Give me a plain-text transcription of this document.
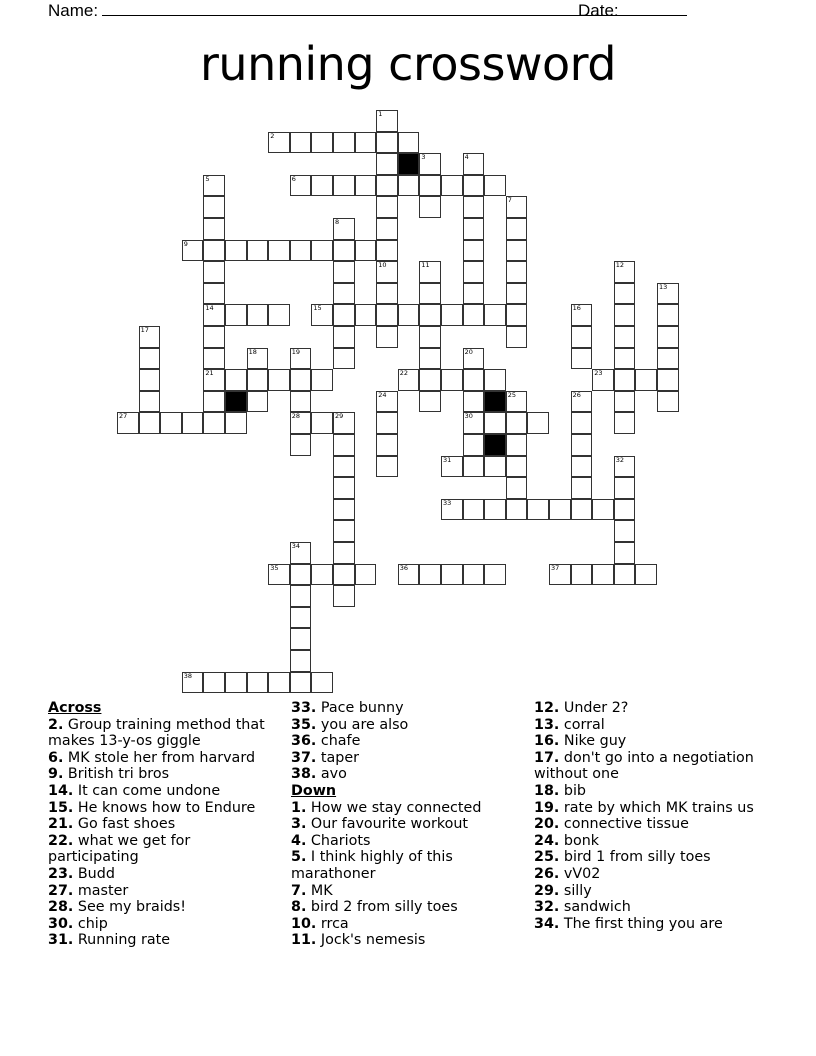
Name:	Date:
running crossword
1
2
3	4
5
14
21
6
7
8
9
10	11	12
13
15	16
17
18	19
28
20
30
22	23
24	25	26
27	29
31	32
33
34
35	36	37
38
Across
2. Group training method that makes 13-y-os giggle
6. MK stole her from harvard
9. British tri bros
14. It can come undone
15. He knows how to Endure
21. Go fast shoes
22. what we get for participating
23. Budd
27. master
28. See my braids!
30. chip
31. Running rate
33. Pace bunny
35. you are also
36. chafe
37. taper
38. avo
Down
1. How we stay connected
3. Our favourite workout
4. Chariots
5. I think highly of this marathoner
7. MK
8. bird 2 from silly toes
10. rrca
11. Jock's nemesis
12. Under 2?
13. corral
16. Nike guy
17. don't go into a negotiation without one
18. bib
19. rate by which MK trains us
20. connective tissue
24. bonk
25. bird 1 from silly toes
26. vV02
29. silly
32. sandwich
34. The first thing you are
